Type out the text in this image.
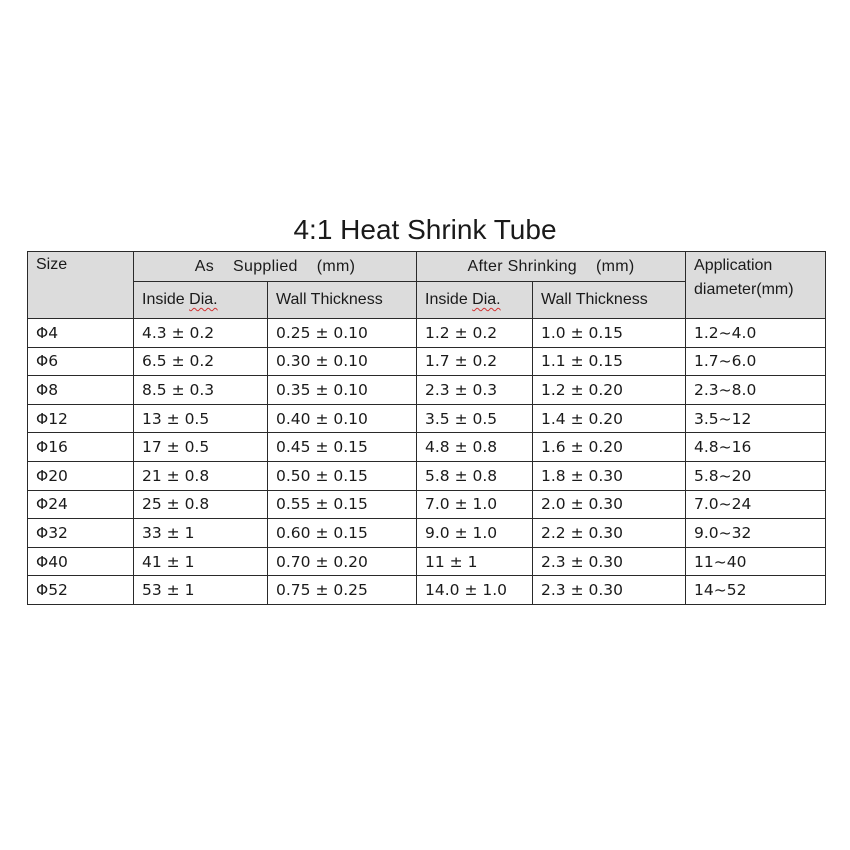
4:1 Heat Shrink Tube
Size	As    Supplied    (mm)		After Shrinking    (mm)		Application
diameter(mm)

	Inside Dia.	Wall Thickness	Inside Dia.	Wall Thickness	
Φ4	4.3 ± 0.2	0.25 ± 0.10	1.2 ± 0.2	1.0 ± 0.15	1.2~4.0
Φ6	6.5 ± 0.2	0.30 ± 0.10	1.7 ± 0.2	1.1 ± 0.15	1.7~6.0
Φ8	8.5 ± 0.3	0.35 ± 0.10	2.3 ± 0.3	1.2 ± 0.20	2.3~8.0
Φ12	13 ± 0.5	0.40 ± 0.10	3.5 ± 0.5	1.4 ± 0.20	3.5~12
Φ16	17 ± 0.5	0.45 ± 0.15	4.8 ± 0.8	1.6 ± 0.20	4.8~16
Φ20	21 ± 0.8	0.50 ± 0.15	5.8 ± 0.8	1.8 ± 0.30	5.8~20
Φ24	25 ± 0.8	0.55 ± 0.15	7.0 ± 1.0	2.0 ± 0.30	7.0~24
Φ32	33 ± 1	0.60 ± 0.15	9.0 ± 1.0	2.2 ± 0.30	9.0~32
Φ40	41 ± 1	0.70 ± 0.20	11 ± 1	2.3 ± 0.30	11~40
Φ52	53 ± 1	0.75 ± 0.25	14.0 ± 1.0	2.3 ± 0.30	14~52
